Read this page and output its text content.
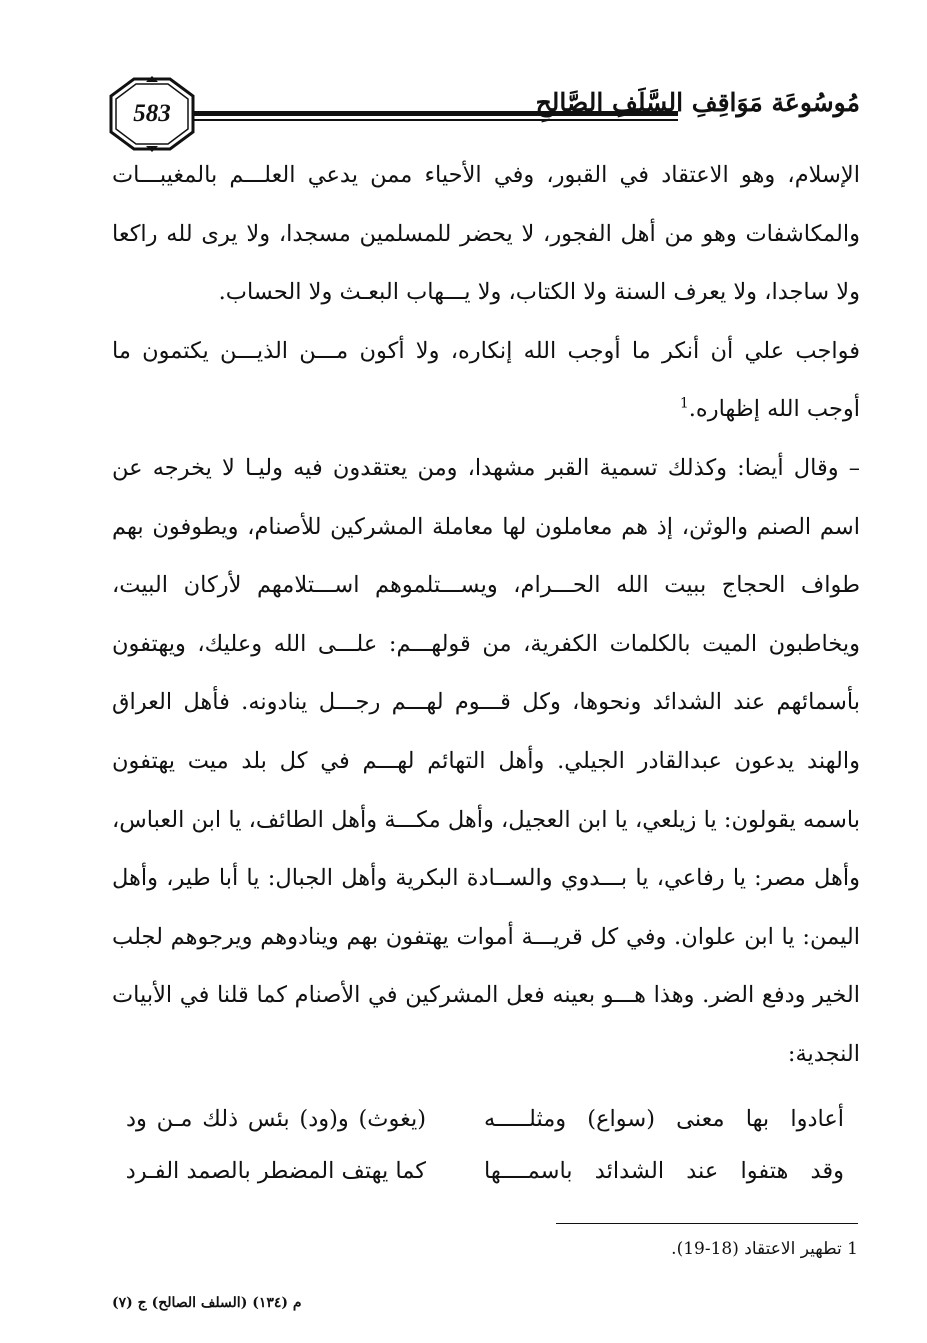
583	مُوسُوعَة مَوَاقِفِ السَّلَفِ الصَّالِحِ

الإسلام، وهو الاعتقاد في القبور، وفي الأحياء ممن يدعي العلـــم بالمغيبـــات والمكاشفات وهو من أهل الفجور، لا يحضر للمسلمين مسجدا، ولا يرى لله راكعا ولا ساجدا، ولا يعرف السنة ولا الكتاب، ولا يـــهاب البعـث ولا الحساب.

فواجب علي أن أنكر ما أوجب الله إنكاره، ولا أكون مـــن الذيـــن يكتمون ما أوجب الله إظهاره.$^1$

– وقال أيضا: وكذلك تسمية القبر مشهدا، ومن يعتقدون فيه وليـا لا يخرجه عن اسم الصنم والوثن، إذ هم معاملون لها معاملة المشركين للأصنام، ويطوفون بهم طواف الحجاج ببيت الله الحـــرام، ويســـتلموهم اســـتلامهم لأركان البيت، ويخاطبون الميت بالكلمات الكفرية، من قولهـــم: علـــى الله وعليك، ويهتفون بأسمائهم عند الشدائد ونحوها، وكل قـــوم لهـــم رجـــل ينادونه. فأهل العراق والهند يدعون عبدالقادر الجيلي. وأهل التهائم لهـــم في كل بلد ميت يهتفون باسمه يقولون: يا زيلعي، يا ابن العجيل، وأهل مكـــة وأهل الطائف، يا ابن العباس، وأهل مصر: يا رفاعي، يا بـــدوي والســادة البكرية وأهل الجبال: يا أبا طير، وأهل اليمن: يا ابن علوان. وفي كل قريـــة أموات يهتفون بهم وينادوهم ويرجوهم لجلب الخير ودفع الضر. وهذا هـــو بعينه فعل المشركين في الأصنام كما قلنا في الأبيات النجدية:

أعادوا بها معنى (سواع) ومثلـــــه
(يغوث) و(ود) بئس ذلك مـن ود
وقد هتفوا عند الشدائد باسمــــها
كما يهتف المضطر بالصمد الفـرد
1 تطهير الاعتقاد (18-19).
م (١٣٤) (السلف الصالح) ج (٧)
